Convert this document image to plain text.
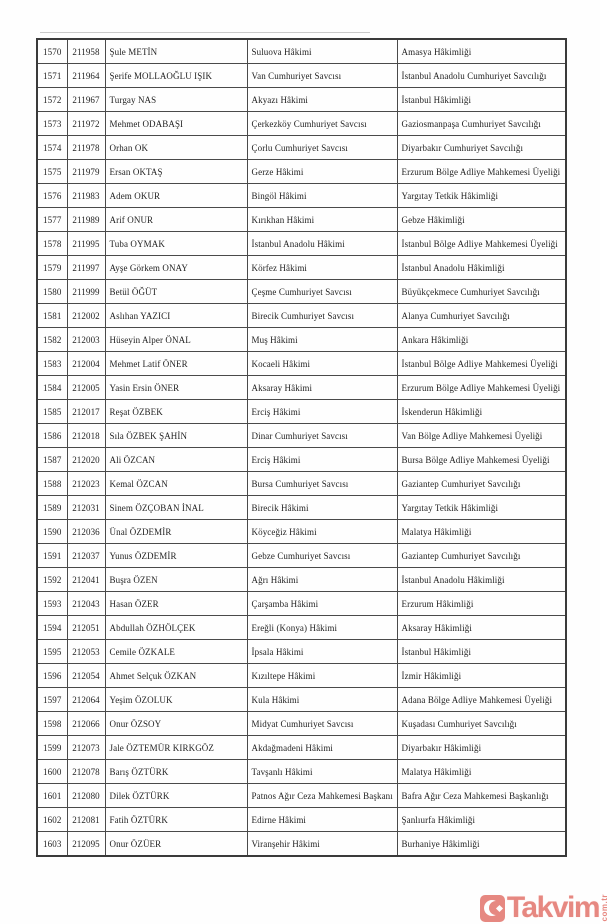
1570	211958	Şule METİN	Suluova Hâkimi	Amasya Hâkimliği
1571	211964	Şerife MOLLAOĞLU IŞIK	Van Cumhuriyet Savcısı	İstanbul Anadolu Cumhuriyet Savcılığı
1572	211967	Turgay NAS	Akyazı Hâkimi	İstanbul Hâkimliği
1573	211972	Mehmet ODABAŞI	Çerkezköy Cumhuriyet Savcısı	Gaziosmanpaşa Cumhuriyet Savcılığı
1574	211978	Orhan OK	Çorlu Cumhuriyet Savcısı	Diyarbakır Cumhuriyet Savcılığı
1575	211979	Ersan OKTAŞ	Gerze Hâkimi	Erzurum Bölge Adliye Mahkemesi Üyeliği
1576	211983	Adem OKUR	Bingöl Hâkimi	Yargıtay Tetkik Hâkimliği
1577	211989	Arif ONUR	Kırıkhan Hâkimi	Gebze Hâkimliği
1578	211995	Tuba OYMAK	İstanbul Anadolu Hâkimi	İstanbul Bölge Adliye Mahkemesi Üyeliği
1579	211997	Ayşe Görkem ONAY	Körfez Hâkimi	İstanbul Anadolu Hâkimliği
1580	211999	Betül ÖĞÜT	Çeşme Cumhuriyet Savcısı	Büyükçekmece Cumhuriyet Savcılığı
1581	212002	Aslıhan YAZICI	Birecik Cumhuriyet Savcısı	Alanya Cumhuriyet Savcılığı
1582	212003	Hüseyin Alper ÖNAL	Muş Hâkimi	Ankara Hâkimliği
1583	212004	Mehmet Latif ÖNER	Kocaeli Hâkimi	İstanbul Bölge Adliye Mahkemesi Üyeliği
1584	212005	Yasin Ersin ÖNER	Aksaray Hâkimi	Erzurum Bölge Adliye Mahkemesi Üyeliği
1585	212017	Reşat ÖZBEK	Erciş Hâkimi	İskenderun Hâkimliği
1586	212018	Sıla ÖZBEK ŞAHİN	Dinar Cumhuriyet Savcısı	Van Bölge Adliye Mahkemesi Üyeliği
1587	212020	Ali ÖZCAN	Erciş Hâkimi	Bursa Bölge Adliye Mahkemesi Üyeliği
1588	212023	Kemal ÖZCAN	Bursa Cumhuriyet Savcısı	Gaziantep Cumhuriyet Savcılığı
1589	212031	Sinem ÖZÇOBAN İNAL	Birecik Hâkimi	Yargıtay Tetkik Hâkimliği
1590	212036	Ünal ÖZDEMİR	Köyceğiz Hâkimi	Malatya Hâkimliği
1591	212037	Yunus ÖZDEMİR	Gebze Cumhuriyet Savcısı	Gaziantep Cumhuriyet Savcılığı
1592	212041	Buşra ÖZEN	Ağrı Hâkimi	İstanbul Anadolu Hâkimliği
1593	212043	Hasan ÖZER	Çarşamba Hâkimi	Erzurum Hâkimliği
1594	212051	Abdullah ÖZHÖLÇEK	Ereğli (Konya) Hâkimi	Aksaray Hâkimliği
1595	212053	Cemile ÖZKALE	İpsala Hâkimi	İstanbul Hâkimliği
1596	212054	Ahmet Selçuk ÖZKAN	Kızıltepe Hâkimi	İzmir Hâkimliği
1597	212064	Yeşim ÖZOLUK	Kula Hâkimi	Adana Bölge Adliye Mahkemesi Üyeliği
1598	212066	Onur ÖZSOY	Midyat Cumhuriyet Savcısı	Kuşadası Cumhuriyet Savcılığı
1599	212073	Jale ÖZTEMÜR KIRKGÖZ	Akdağmadeni Hâkimi	Diyarbakır Hâkimliği
1600	212078	Barış ÖZTÜRK	Tavşanlı Hâkimi	Malatya Hâkimliği
1601	212080	Dilek ÖZTÜRK	Patnos Ağır Ceza Mahkemesi Başkanı	Bafra Ağır Ceza Mahkemesi Başkanlığı
1602	212081	Fatih ÖZTÜRK	Edirne Hâkimi	Şanlıurfa Hâkimliği
1603	212095	Onur ÖZÜER	Viranşehir Hâkimi	Burhaniye Hâkimliği
Takvim com.tr
